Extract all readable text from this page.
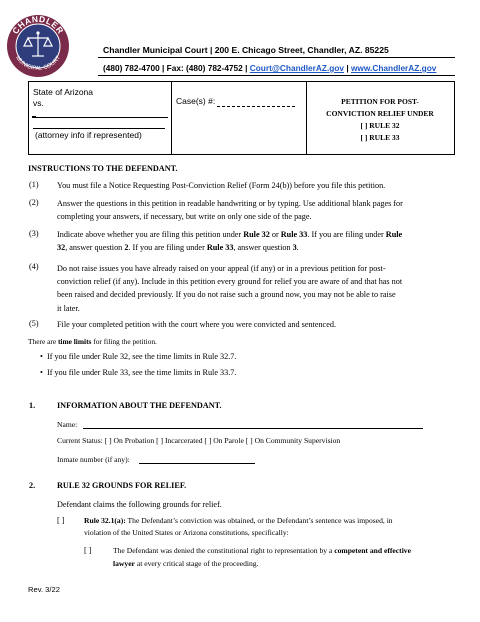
CHANDLER
MUNICIPAL COURT
Chandler Municipal Court | 200 E. Chicago Street, Chandler, AZ. 85225
(480) 782-4700 | Fax: (480) 782-4752 | Court@ChandlerAZ.gov | www.ChandlerAZ.gov
State of Arizona
vs.
(attorney info if represented)
Case(s) #:	PETITION FOR POST-
CONVICTION RELIEF UNDER
[ ] RULE 32
[ ] RULE 33
INSTRUCTIONS TO THE DEFENDANT.
(1) You must file a Notice Requesting Post-Conviction Relief (Form 24(b)) before you file this petition.
(2) Answer the questions in this petition in readable handwriting or by typing. Use additional blank pages for
completing your answers, if necessary, but write on only one side of the page.
(3) Indicate above whether you are filing this petition under Rule 32 or Rule 33. If you are filing under Rule
32, answer question 2. If you are filing under Rule 33, answer question 3.
(4) Do not raise issues you have already raised on your appeal (if any) or in a previous petition for post-
conviction relief (if any). Include in this petition every ground for relief you are aware of and that has not
been raised and decided previously. If you do not raise such a ground now, you may not be able to raise
it later.
(5) File your completed petition with the court where you were convicted and sentenced.
There are time limits for filing the petition.
• If you file under Rule 32, see the time limits in Rule 32.7.
• If you file under Rule 33, see the time limits in Rule 33.7.
1.	INFORMATION ABOUT THE DEFENDANT.
Name:
Current Status: [ ] On Probation [ ] Incarcerated [ ] On Parole [ ] On Community Supervision
Inmate number (if any):
2.	RULE 32 GROUNDS FOR RELIEF.
Defendant claims the following grounds for relief.
[ ]	Rule 32.1(a): The Defendant’s conviction was obtained, or the Defendant’s sentence was imposed, in
violation of the United States or Arizona constitutions, specifically:
[ ]	The Defendant was denied the constitutional right to representation by a competent and effective
lawyer at every critical stage of the proceeding.
Rev. 3/22
